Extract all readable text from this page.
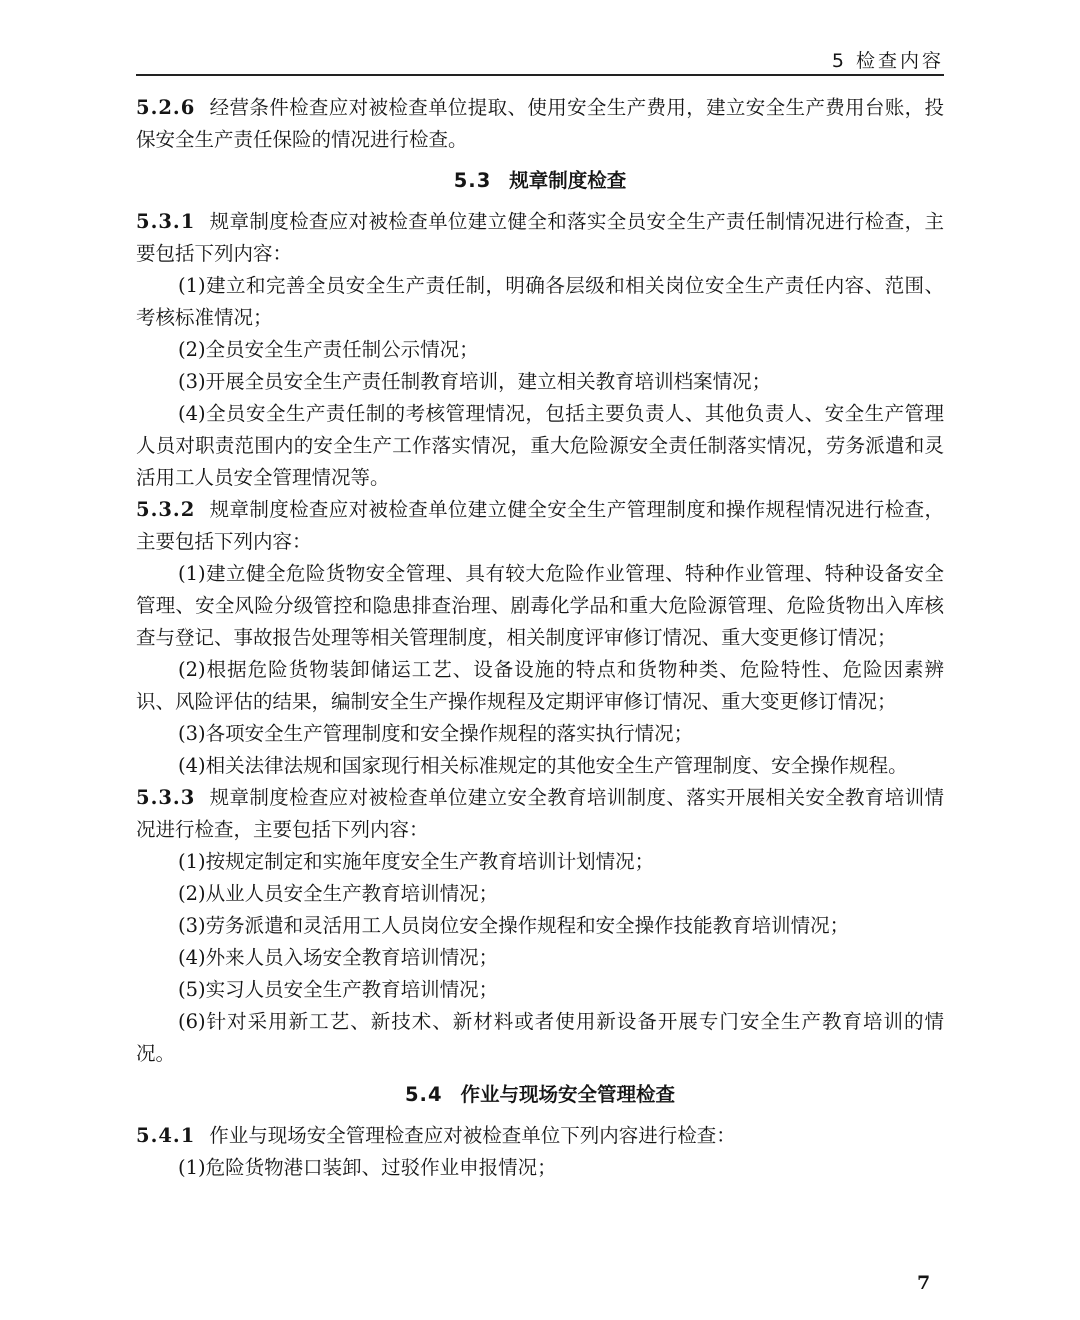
5 检查内容

5.2.6 经营条件检查应对被检查单位提取、使用安全生产费用，建立安全生产费用台账，投保安全生产责任保险的情况进行检查。

5.3 规章制度检查

5.3.1 规章制度检查应对被检查单位建立健全和落实全员安全生产责任制情况进行检查，主要包括下列内容：

(1)建立和完善全员安全生产责任制，明确各层级和相关岗位安全生产责任内容、范围、考核标准情况；

(2)全员安全生产责任制公示情况；

(3)开展全员安全生产责任制教育培训，建立相关教育培训档案情况；

(4)全员安全生产责任制的考核管理情况，包括主要负责人、其他负责人、安全生产管理人员对职责范围内的安全生产工作落实情况，重大危险源安全责任制落实情况，劳务派遣和灵活用工人员安全管理情况等。

5.3.2 规章制度检查应对被检查单位建立健全安全生产管理制度和操作规程情况进行检查，主要包括下列内容：

(1)建立健全危险货物安全管理、具有较大危险作业管理、特种作业管理、特种设备安全管理、安全风险分级管控和隐患排查治理、剧毒化学品和重大危险源管理、危险货物出入库核查与登记、事故报告处理等相关管理制度，相关制度评审修订情况、重大变更修订情况；

(2)根据危险货物装卸储运工艺、设备设施的特点和货物种类、危险特性、危险因素辨识、风险评估的结果，编制安全生产操作规程及定期评审修订情况、重大变更修订情况；

(3)各项安全生产管理制度和安全操作规程的落实执行情况；

(4)相关法律法规和国家现行相关标准规定的其他安全生产管理制度、安全操作规程。

5.3.3 规章制度检查应对被检查单位建立安全教育培训制度、落实开展相关安全教育培训情况进行检查，主要包括下列内容：

(1)按规定制定和实施年度安全生产教育培训计划情况；

(2)从业人员安全生产教育培训情况；

(3)劳务派遣和灵活用工人员岗位安全操作规程和安全操作技能教育培训情况；

(4)外来人员入场安全教育培训情况；

(5)实习人员安全生产教育培训情况；

(6)针对采用新工艺、新技术、新材料或者使用新设备开展专门安全生产教育培训的情况。

5.4 作业与现场安全管理检查

5.4.1 作业与现场安全管理检查应对被检查单位下列内容进行检查：

(1)危险货物港口装卸、过驳作业申报情况；

7
